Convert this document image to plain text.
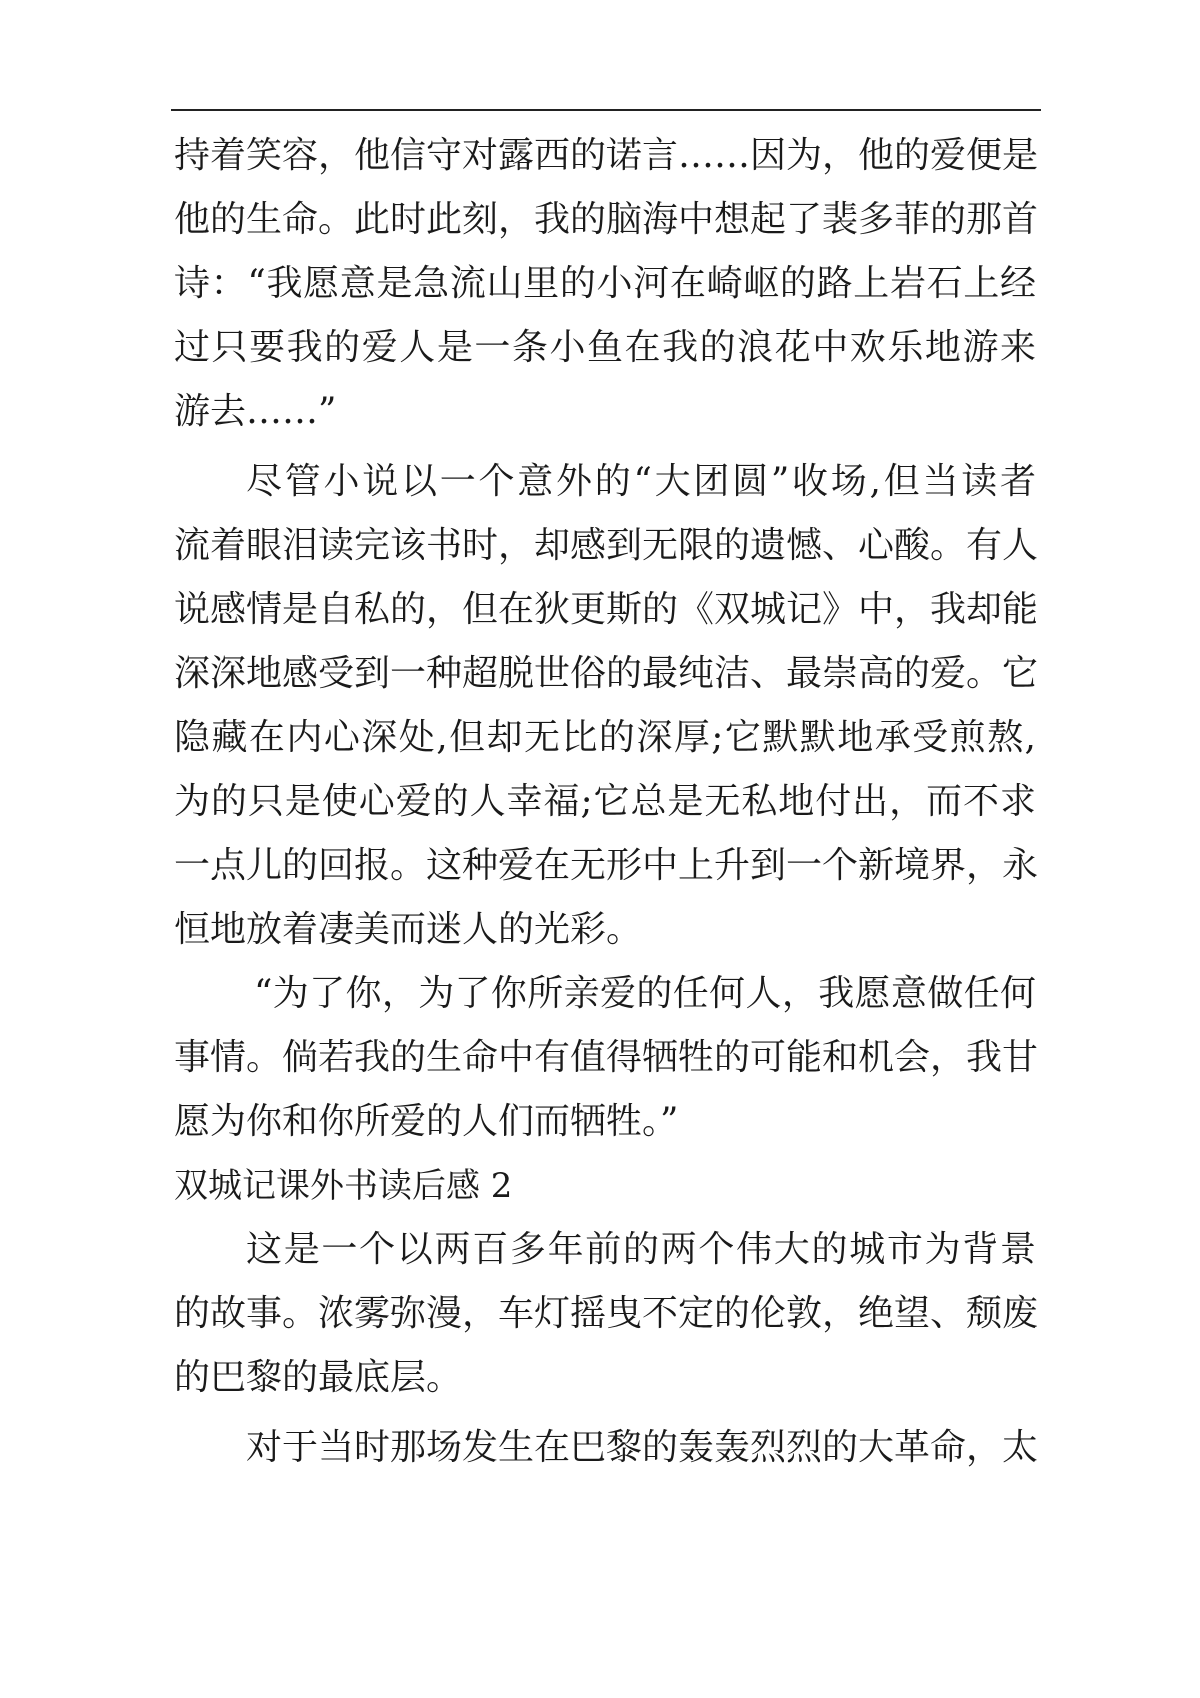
持着笑容，他信守对露西的诺言……因为，他的爱便是
他的生命。此时此刻，我的脑海中想起了裴多菲的那首
诗：“我愿意是急流山里的小河在崎岖的路上岩石上经
过只要我的爱人是一条小鱼在我的浪花中欢乐地游来
游去……”

尽管小说以一个意外的“大团圆”收场,但当读者
流着眼泪读完该书时，却感到无限的遗憾、心酸。有人
说感情是自私的，但在狄更斯的《双城记》中，我却能
深深地感受到一种超脱世俗的最纯洁、最崇高的爱。它
隐藏在内心深处,但却无比的深厚;它默默地承受煎熬,
为的只是使心爱的人幸福;它总是无私地付出，而不求
一点儿的回报。这种爱在无形中上升到一个新境界，永
恒地放着凄美而迷人的光彩。

“为了你，为了你所亲爱的任何人，我愿意做任何
事情。倘若我的生命中有值得牺牲的可能和机会，我甘
愿为你和你所爱的人们而牺牲。”

双城记课外书读后感 2

这是一个以两百多年前的两个伟大的城市为背景
的故事。浓雾弥漫，车灯摇曳不定的伦敦，绝望、颓废
的巴黎的最底层。

对于当时那场发生在巴黎的轰轰烈烈的大革命，太
